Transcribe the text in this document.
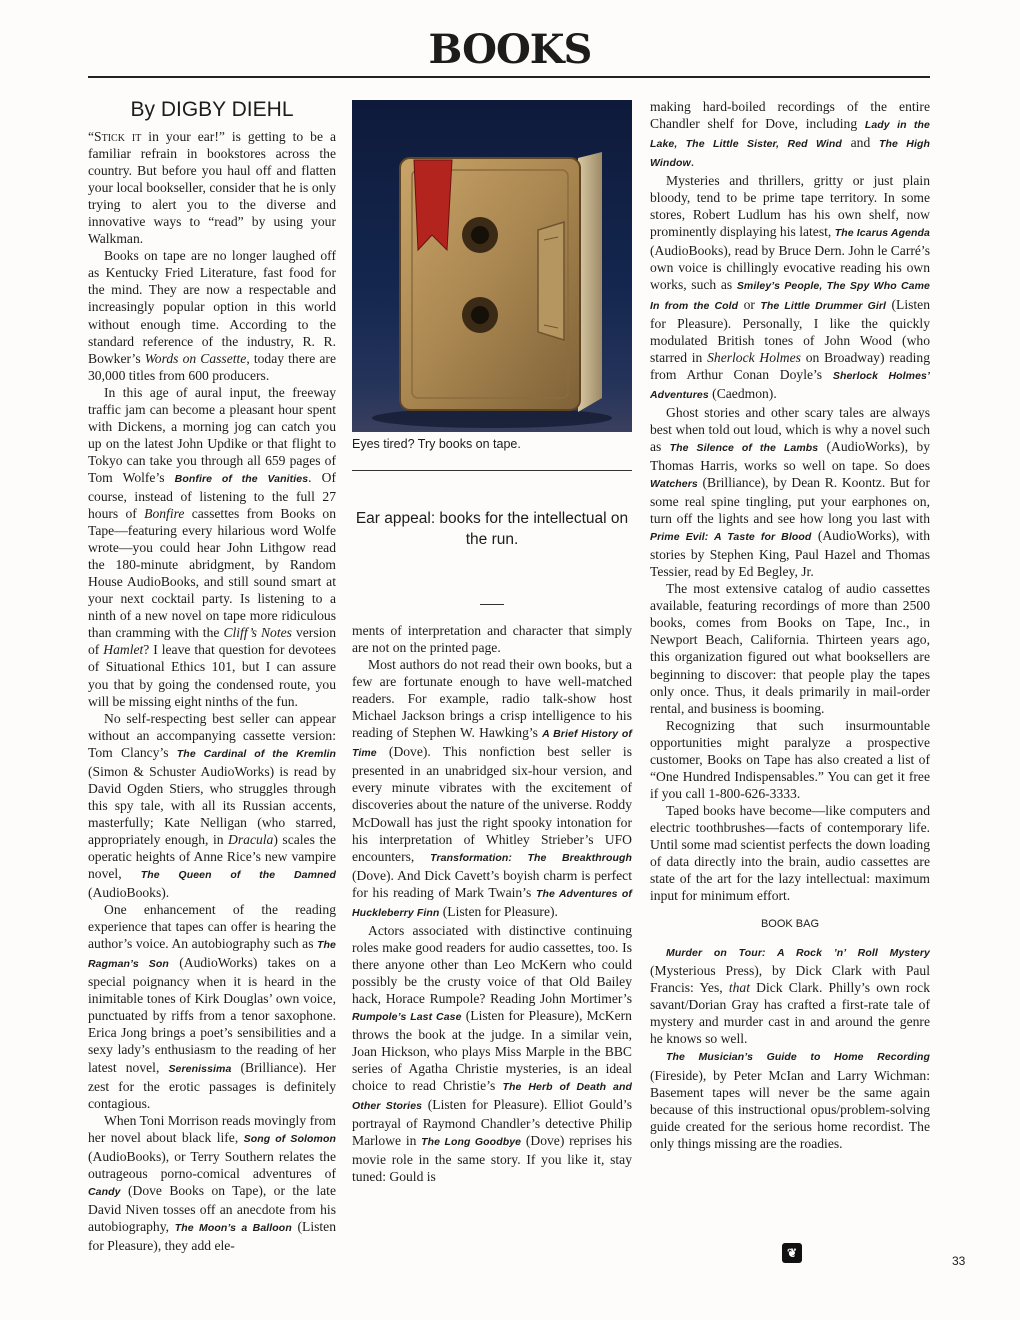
BOOKS
By DIGBY DIEHL

“Stick it in your ear!” is getting to be a familiar refrain in bookstores across the country. But before you haul off and flatten your local bookseller, consider that he is only trying to alert you to the diverse and innovative ways to “read” by using your Walkman.

Books on tape are no longer laughed off as Kentucky Fried Literature, fast food for the mind. They are now a respectable and increasingly popular option in this world without enough time. According to the standard reference of the industry, R. R. Bowker’s Words on Cassette, today there are 30,000 titles from 600 producers.

In this age of aural input, the freeway traffic jam can become a pleasant hour spent with Dickens, a morning jog can catch you up on the latest John Updike or that flight to Tokyo can take you through all 659 pages of Tom Wolfe’s Bonfire of the Vanities. Of course, instead of listening to the full 27 hours of Bonfire cassettes from Books on Tape—featuring every hilarious word Wolfe wrote—you could hear John Lithgow read the 180-minute abridgment, by Random House AudioBooks, and still sound smart at your next cocktail party. Is listening to a ninth of a new novel on tape more ridiculous than cramming with the Cliff’s Notes version of Hamlet? I leave that question for devotees of Situational Ethics 101, but I can assure you that by going the condensed route, you will be missing eight ninths of the fun.

No self-respecting best seller can appear without an accompanying cassette version: Tom Clancy’s The Cardinal of the Kremlin (Simon & Schuster AudioWorks) is read by David Ogden Stiers, who struggles through this spy tale, with all its Russian accents, masterfully; Kate Nelligan (who starred, appropriately enough, in Dracula) scales the operatic heights of Anne Rice’s new vampire novel, The Queen of the Damned (AudioBooks).

One enhancement of the reading experience that tapes can offer is hearing the author’s voice. An autobiography such as The Ragman’s Son (AudioWorks) takes on a special poignancy when it is heard in the inimitable tones of Kirk Douglas’ own voice, punctuated by riffs from a tenor saxophone. Erica Jong brings a poet’s sensibilities and a sexy lady’s enthusiasm to the reading of her latest novel, Serenissima (Brilliance). Her zest for the erotic passages is definitely contagious.

When Toni Morrison reads movingly from her novel about black life, Song of Solomon (AudioBooks), or Terry Southern relates the outrageous porno-comical adventures of Candy (Dove Books on Tape), or the late David Niven tosses off an anecdote from his autobiography, The Moon’s a Balloon (Listen for Pleasure), they add ele-

Eyes tired? Try books on tape.
Ear appeal: books for the intellectual on the run.

ments of interpretation and character that simply are not on the printed page.

Most authors do not read their own books, but a few are fortunate enough to have well-matched readers. For example, radio talk-show host Michael Jackson brings a crisp intelligence to his reading of Stephen W. Hawking’s A Brief History of Time (Dove). This nonfiction best seller is presented in an unabridged six-hour version, and every minute vibrates with the excitement of discoveries about the nature of the universe. Roddy McDowall has just the right spooky intonation for his interpretation of Whitley Strieber’s UFO encounters, Transformation: The Breakthrough (Dove). And Dick Cavett’s boyish charm is perfect for his reading of Mark Twain’s The Adventures of Huckleberry Finn (Listen for Pleasure).

Actors associated with distinctive continuing roles make good readers for audio cassettes, too. Is there anyone other than Leo McKern who could possibly be the crusty voice of that Old Bailey hack, Horace Rumpole? Reading John Mortimer’s Rumpole’s Last Case (Listen for Pleasure), McKern throws the book at the judge. In a similar vein, Joan Hickson, who plays Miss Marple in the BBC series of Agatha Christie mysteries, is an ideal choice to read Christie’s The Herb of Death and Other Stories (Listen for Pleasure). Elliot Gould’s portrayal of Raymond Chandler’s detective Philip Marlowe in The Long Goodbye (Dove) reprises his movie role in the same story. If you like it, stay tuned: Gould is

making hard-boiled recordings of the entire Chandler shelf for Dove, including Lady in the Lake, The Little Sister, Red Wind and The High Window.

Mysteries and thrillers, gritty or just plain bloody, tend to be prime tape territory. In some stores, Robert Ludlum has his own shelf, now prominently displaying his latest, The Icarus Agenda (AudioBooks), read by Bruce Dern. John le Carré’s own voice is chillingly evocative reading his own works, such as Smiley’s People, The Spy Who Came In from the Cold or The Little Drummer Girl (Listen for Pleasure). Personally, I like the quickly modulated British tones of John Wood (who starred in Sherlock Holmes on Broadway) reading from Arthur Conan Doyle’s Sherlock Holmes’ Adventures (Caedmon).

Ghost stories and other scary tales are always best when told out loud, which is why a novel such as The Silence of the Lambs (AudioWorks), by Thomas Harris, works so well on tape. So does Watchers (Brilliance), by Dean R. Koontz. But for some real spine tingling, put your earphones on, turn off the lights and see how long you last with Prime Evil: A Taste for Blood (AudioWorks), with stories by Stephen King, Paul Hazel and Thomas Tessier, read by Ed Begley, Jr.

The most extensive catalog of audio cassettes available, featuring recordings of more than 2500 books, comes from Books on Tape, Inc., in Newport Beach, California. Thirteen years ago, this organization figured out what booksellers are beginning to discover: that people play the tapes only once. Thus, it deals primarily in mail-order rental, and business is booming.

Recognizing that such insurmountable opportunities might paralyze a prospective customer, Books on Tape has also created a list of “One Hundred Indispensables.” You can get it free if you call 1-800-626-3333.

Taped books have become—like computers and electric toothbrushes—facts of contemporary life. Until some mad scientist perfects the down loading of data directly into the brain, audio cassettes are state of the art for the lazy intellectual: maximum input for minimum effort.

BOOK BAG

Murder on Tour: A Rock ’n’ Roll Mystery (Mysterious Press), by Dick Clark with Paul Francis: Yes, that Dick Clark. Philly’s own rock savant/Dorian Gray has crafted a first-rate tale of mystery and murder cast in and around the genre he knows so well.

The Musician’s Guide to Home Recording (Fireside), by Peter McIan and Larry Wichman: Basement tapes will never be the same again because of this instructional opus/problem-solving guide created for the serious home recordist. The only things missing are the roadies.

❦
33
